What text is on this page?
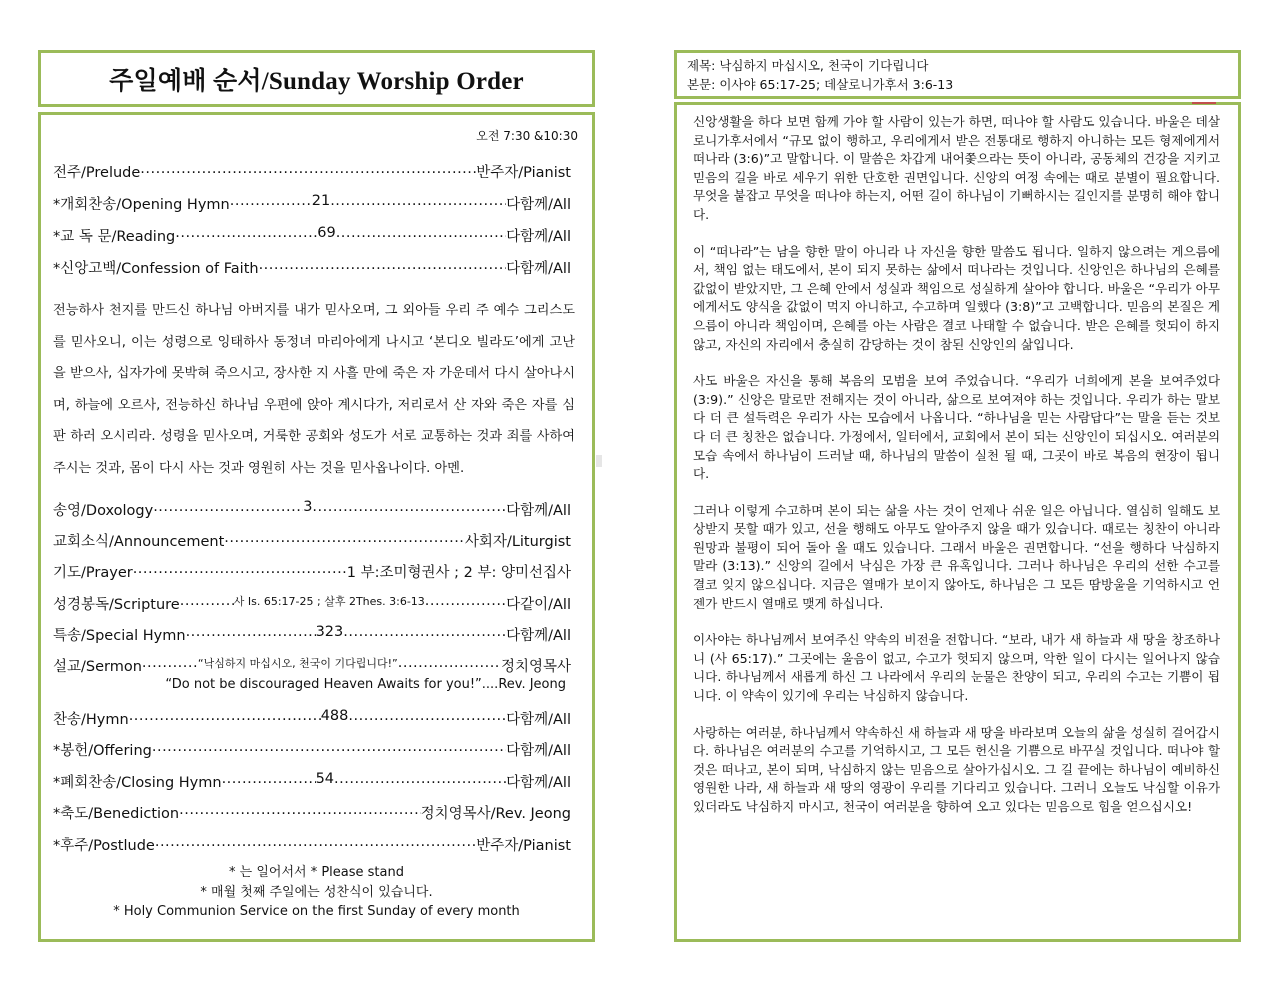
주일예배 순서/Sunday Worship Order
오전 7:30 &10:30
전주/Prelude .....	반주자/Pianist
*개회찬송/Opening Hymn .....	21 .....	다함께/All
*교 독 문/Reading .....	69 .....	다함께/All
*신앙고백/Confession of Faith .....	다함께/All
전능하사 천지를 만드신 하나님 아버지를 내가 믿사오며, 그 외아들 우리 주 예수 그리스도를 믿사오니, 이는 성령으로 잉태하사 동정녀 마리아에게 나시고 ‘본디오 빌라도’에게 고난을 받으사, 십자가에 못박혀 죽으시고, 장사한 지 사흘 만에 죽은 자 가운데서 다시 살아나시며, 하늘에 오르사, 전능하신 하나님 우편에 앉아 계시다가, 저리로서 산 자와 죽은 자를 심판 하러 오시리라. 성령을 믿사오며, 거룩한 공회와 성도가 서로 교통하는 것과 죄를 사하여 주시는 것과, 몸이 다시 사는 것과 영원히 사는 것을 믿사옵나이다. 아멘.
송영/Doxology .....	3 .....	다함께/All
교회소식/Announcement .....	사회자/Liturgist
기도/Prayer .....	1 부:조미형권사 ; 2 부: 양미선집사
성경봉독/Scripture .....	사 Is. 65:17-25 ; 살후 2Thes. 3:6-13 .....	다같이/All
특송/Special Hymn .....	323 .....	다함께/All
설교/Sermon .....	“낙심하지 마십시오, 천국이 기다립니다!” .....	정치영목사
“Do not be discouraged Heaven Awaits for you!”....Rev. Jeong
찬송/Hymn .....	488 .....	다함께/All
*봉헌/Offering .....	다함께/All
*폐회찬송/Closing Hymn .....	54 .....	다함께/All
*축도/Benediction .....	정치영목사/Rev. Jeong
*후주/Postlude .....	반주자/Pianist
* 는 일어서서 * Please stand
* 매월 첫째 주일에는 성찬식이 있습니다.
* Holy Communion Service on the first Sunday of every month
제목: 낙심하지 마십시오, 천국이 기다립니다
본문: 이사야 65:17-25; 데살로니가후서 3:6-13

신앙생활을 하다 보면 함께 가야 할 사람이 있는가 하면, 떠나야 할 사람도 있습니다. 바울은 데살로니가후서에서 “규모 없이 행하고, 우리에게서 받은 전통대로 행하지 아니하는 모든 형제에게서 떠나라 (3:6)”고 말합니다. 이 말씀은 차갑게 내어쫓으라는 뜻이 아니라, 공동체의 건강을 지키고 믿음의 길을 바로 세우기 위한 단호한 권면입니다. 신앙의 여정 속에는 때로 분별이 필요합니다. 무엇을 붙잡고 무엇을 떠나야 하는지, 어떤 길이 하나님이 기뻐하시는 길인지를 분명히 해야 합니다.

이 “떠나라”는 남을 향한 말이 아니라 나 자신을 향한 말씀도 됩니다. 일하지 않으려는 게으름에서, 책임 없는 태도에서, 본이 되지 못하는 삶에서 떠나라는 것입니다. 신앙인은 하나님의 은혜를 값없이 받았지만, 그 은혜 안에서 성실과 책임으로 성실하게 살아야 합니다. 바울은 “우리가 아무에게서도 양식을 값없이 먹지 아니하고, 수고하며 일했다 (3:8)”고 고백합니다. 믿음의 본질은 게으름이 아니라 책임이며, 은혜를 아는 사람은 결코 나태할 수 없습니다. 받은 은혜를 헛되이 하지 않고, 자신의 자리에서 충실히 감당하는 것이 참된 신앙인의 삶입니다.

사도 바울은 자신을 통해 복음의 모범을 보여 주었습니다. “우리가 너희에게 본을 보여주었다 (3:9).” 신앙은 말로만 전해지는 것이 아니라, 삶으로 보여져야 하는 것입니다. 우리가 하는 말보다 더 큰 설득력은 우리가 사는 모습에서 나옵니다. “하나님을 믿는 사람답다”는 말을 듣는 것보다 더 큰 칭찬은 없습니다. 가정에서, 일터에서, 교회에서 본이 되는 신앙인이 되십시오. 여러분의 모습 속에서 하나님이 드러날 때, 하나님의 말씀이 실천 될 때, 그곳이 바로 복음의 현장이 됩니다.

그러나 이렇게 수고하며 본이 되는 삶을 사는 것이 언제나 쉬운 일은 아닙니다. 열심히 일해도 보상받지 못할 때가 있고, 선을 행해도 아무도 알아주지 않을 때가 있습니다. 때로는 칭찬이 아니라 원망과 불평이 되어 돌아 올 때도 있습니다. 그래서 바울은 권면합니다. “선을 행하다 낙심하지 말라 (3:13).” 신앙의 길에서 낙심은 가장 큰 유혹입니다. 그러나 하나님은 우리의 선한 수고를 결코 잊지 않으십니다. 지금은 열매가 보이지 않아도, 하나님은 그 모든 땀방울을 기억하시고 언젠가 반드시 열매로 맺게 하십니다.

이사야는 하나님께서 보여주신 약속의 비전을 전합니다. “보라, 내가 새 하늘과 새 땅을 창조하나니 (사 65:17).” 그곳에는 울음이 없고, 수고가 헛되지 않으며, 악한 일이 다시는 일어나지 않습니다. 하나님께서 새롭게 하신 그 나라에서 우리의 눈물은 찬양이 되고, 우리의 수고는 기쁨이 됩니다. 이 약속이 있기에 우리는 낙심하지 않습니다.

사랑하는 여러분, 하나님께서 약속하신 새 하늘과 새 땅을 바라보며 오늘의 삶을 성실히 걸어갑시다. 하나님은 여러분의 수고를 기억하시고, 그 모든 헌신을 기쁨으로 바꾸실 것입니다. 떠나야 할 것은 떠나고, 본이 되며, 낙심하지 않는 믿음으로 살아가십시오. 그 길 끝에는 하나님이 예비하신 영원한 나라, 새 하늘과 새 땅의 영광이 우리를 기다리고 있습니다. 그러니 오늘도 낙심할 이유가 있더라도 낙심하지 마시고, 천국이 여러분을 향하여 오고 있다는 믿음으로 힘을 얻으십시오!
